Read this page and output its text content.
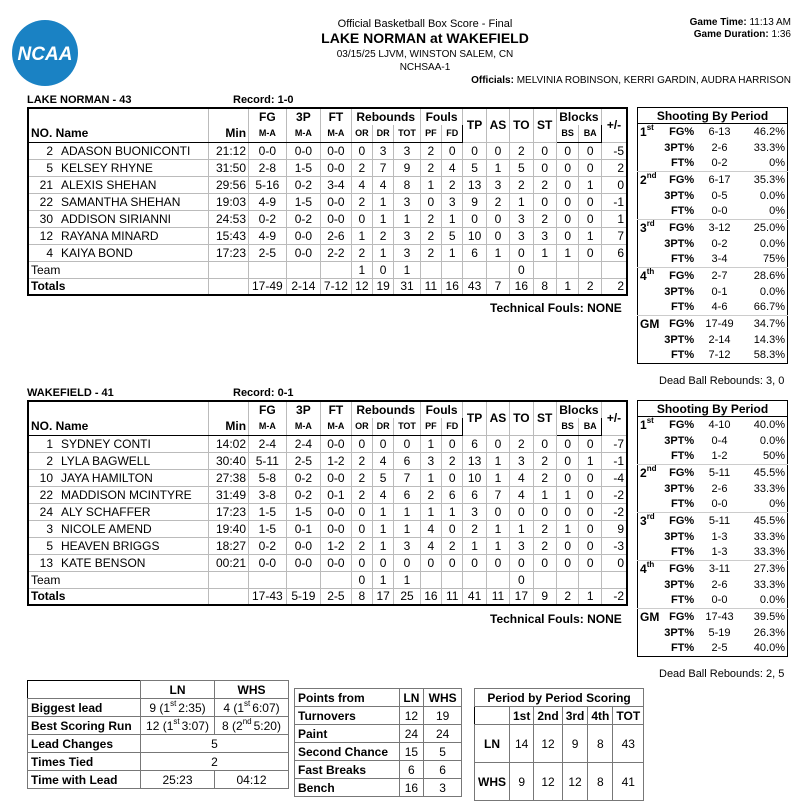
NCAA
Official Basketball Box Score - Final
LAKE NORMAN at WAKEFIELD
03/15/25 LJVM, WINSTON SALEM, CN
NCHSAA-1
Game Time: 11:13 AM
Game Duration: 1:36
Officials: MELVINIA ROBINSON, KERRI GARDIN, AUDRA HARRISON
LAKE NORMAN - 43	Record: 1-0
		FG	3P	FT	Rebounds			Fouls		TP	AS	TO	ST	Blocks		+/-
NO. Name	Min	M-A	M-A	M-A	OR	DR	TOT	PF	FD					BS	BA	
2 ADASON BUONICONTI	21:12	0-0	0-0	0-0	0	3	3	2	0	0	0	2	0	0	0	-5
5 KELSEY RHYNE	31:50	2-8	1-5	0-0	2	7	9	2	4	5	1	5	0	0	0	2
21 ALEXIS SHEHAN	29:56	5-16	0-2	3-4	4	4	8	1	2	13	3	2	2	0	1	0
22 SAMANTHA SHEHAN	19:03	4-9	1-5	0-0	2	1	3	0	3	9	2	1	0	0	0	-1
30 ADDISON SIRIANNI	24:53	0-2	0-2	0-0	0	1	1	2	1	0	0	3	2	0	0	1
12 RAYANA MINARD	15:43	4-9	0-0	2-6	1	2	3	2	5	10	0	3	3	0	1	7
4 KAIYA BOND	17:23	2-5	0-0	2-2	2	1	3	2	1	6	1	0	1	1	0	6
Team					1	0	1					0				
Totals		17-49	2-14	7-12	12	19	31	11	16	43	7	16	8	1	2	2
Technical Fouls: NONE
Shooting By Period			
1st	FG%	6-13	46.2%
	3PT%	2-6	33.3%
	FT%	0-2	0%
2nd	FG%	6-17	35.3%
	3PT%	0-5	0.0%
	FT%	0-0	0%
3rd	FG%	3-12	25.0%
	3PT%	0-2	0.0%
	FT%	3-4	75%
4th	FG%	2-7	28.6%
	3PT%	0-1	0.0%
	FT%	4-6	66.7%
GM	FG%	17-49	34.7%
	3PT%	2-14	14.3%
	FT%	7-12	58.3%
Dead Ball Rebounds: 3, 0
WAKEFIELD - 41	Record: 0-1
		FG	3P	FT	Rebounds			Fouls		TP	AS	TO	ST	Blocks		+/-
NO. Name	Min	M-A	M-A	M-A	OR	DR	TOT	PF	FD					BS	BA	
1 SYDNEY CONTI	14:02	2-4	2-4	0-0	0	0	0	1	0	6	0	2	0	0	0	-7
2 LYLA BAGWELL	30:40	5-11	2-5	1-2	2	4	6	3	2	13	1	3	2	0	1	-1
10 JAYA HAMILTON	27:38	5-8	0-2	0-0	2	5	7	1	0	10	1	4	2	0	0	-4
22 MADDISON MCINTYRE	31:49	3-8	0-2	0-1	2	4	6	2	6	6	7	4	1	1	0	-2
24 ALY SCHAFFER	17:23	1-5	1-5	0-0	0	1	1	1	1	3	0	0	0	0	0	-2
3 NICOLE AMEND	19:40	1-5	0-1	0-0	0	1	1	4	0	2	1	1	2	1	0	9
5 HEAVEN BRIGGS	18:27	0-2	0-0	1-2	2	1	3	4	2	1	1	3	2	0	0	-3
13 KATE BENSON	00:21	0-0	0-0	0-0	0	0	0	0	0	0	0	0	0	0	0	0
Team					0	1	1					0				
Totals		17-43	5-19	2-5	8	17	25	16	11	41	11	17	9	2	1	-2
Technical Fouls: NONE
Shooting By Period			
1st	FG%	4-10	40.0%
	3PT%	0-4	0.0%
	FT%	1-2	50%
2nd	FG%	5-11	45.5%
	3PT%	2-6	33.3%
	FT%	0-0	0%
3rd	FG%	5-11	45.5%
	3PT%	1-3	33.3%
	FT%	1-3	33.3%
4th	FG%	3-11	27.3%
	3PT%	2-6	33.3%
	FT%	0-0	0.0%
GM	FG%	17-43	39.5%
	3PT%	5-19	26.3%
	FT%	2-5	40.0%
Dead Ball Rebounds: 2, 5
	LN	WHS
Biggest lead	9 (1st 2:35)	4 (1st 6:07)
Best Scoring Run	12 (1st 3:07)	8 (2nd 5:20)
Lead Changes	5	
Times Tied	2	
Time with Lead	25:23	04:12
Points from	LN	WHS
Turnovers	12	19
Paint	24	24
Second Chance	15	5
Fast Breaks	6	6
Bench	16	3
Period by Period Scoring					
	1st	2nd	3rd	4th	TOT
LN	14	12	9	8	43
WHS	9	12	12	8	41
